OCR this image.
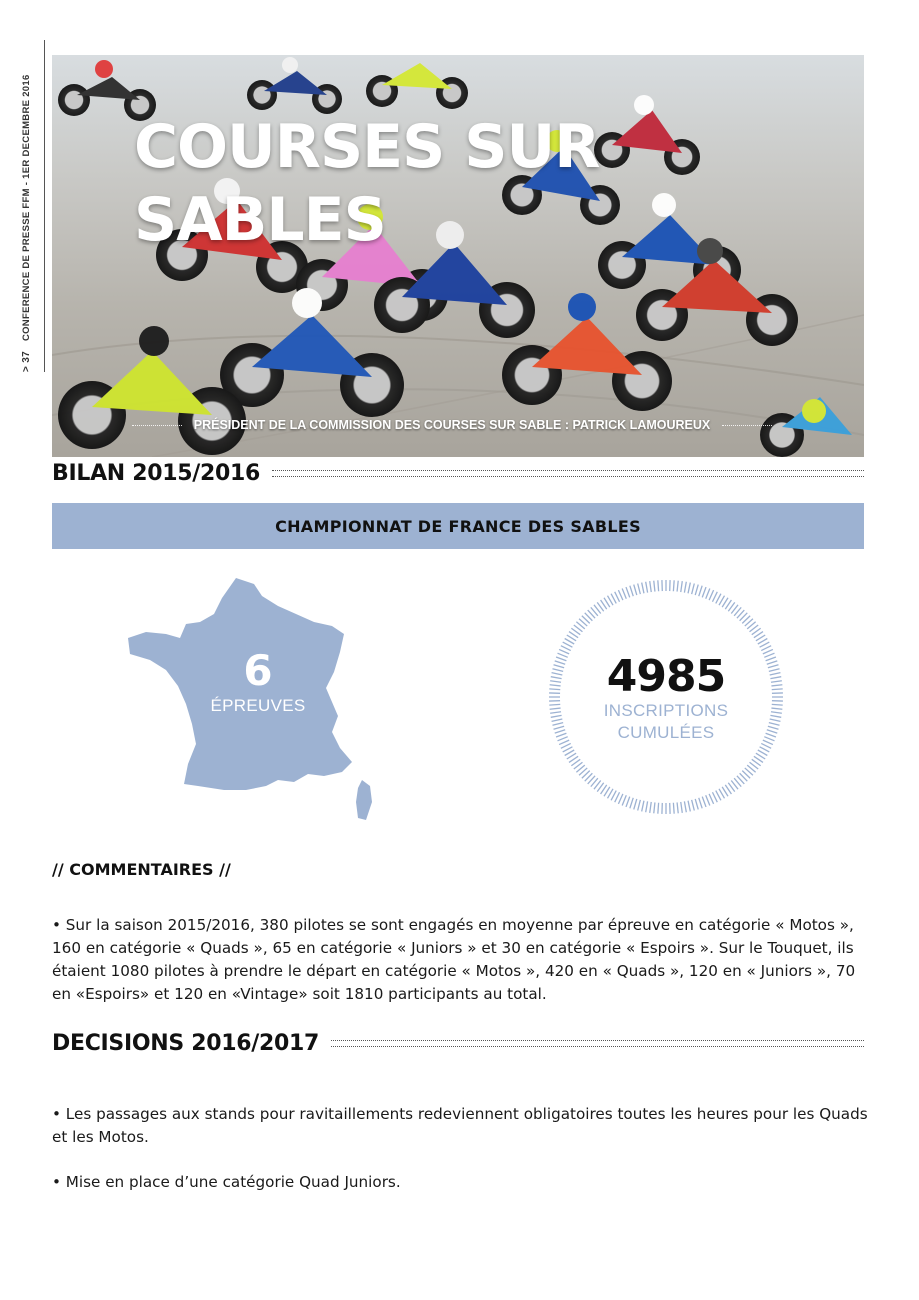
> 37
CONFERENCE DE PRESSE FFM - 1ER DECEMBRE 2016 COURSES SUR SABLES
PRÉSIDENT DE LA COMMISSION DES COURSES SUR SABLE : PATRICK LAMOUREUX
BILAN 2015/2016
CHAMPIONNAT DE FRANCE DES SABLES
6
ÉPREUVES
4985
INSCRIPTIONS
CUMULÉES
// COMMENTAIRES //
• Sur la saison 2015/2016, 380 pilotes se sont engagés en moyenne par épreuve en catégorie « Motos », 160 en catégorie « Quads », 65 en catégorie « Juniors » et 30 en catégorie « Espoirs ». Sur le Touquet, ils étaient 1080 pilotes à prendre le départ en catégorie « Motos », 420 en « Quads », 120 en « Juniors », 70 en «Espoirs» et 120 en «Vintage» soit 1810 participants au total.
DECISIONS 2016/2017
• Les passages aux stands pour ravitaillements redeviennent obligatoires toutes les heures pour les Quads et les Motos.
• Mise en place d’une catégorie Quad Juniors.
